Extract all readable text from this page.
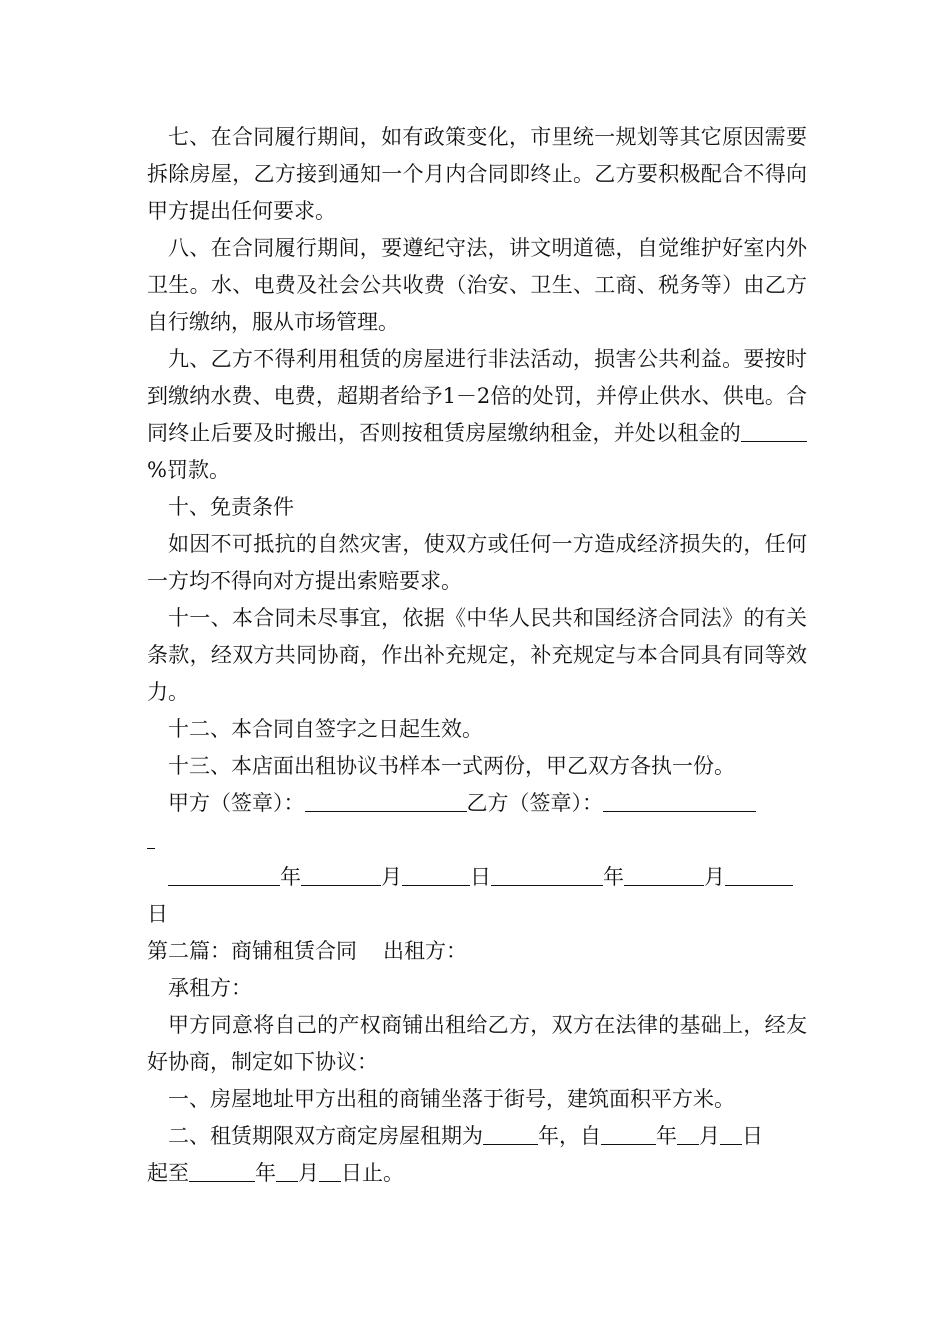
七、在合同履行期间，如有政策变化，市里统一规划等其它原因需要拆除房屋，乙方接到通知一个月内合同即终止。乙方要积极配合不得向甲方提出任何要求。

八、在合同履行期间，要遵纪守法，讲文明道德，自觉维护好室内外卫生。水、电费及社会公共收费（治安、卫生、工商、税务等）由乙方自行缴纳，服从市场管理。

九、乙方不得利用租赁的房屋进行非法活动，损害公共利益。要按时到缴纳水费、电费，超期者给予1－2倍的处罚，并停止供水、供电。合同终止后要及时搬出，否则按租赁房屋缴纳租金，并处以租金的%罚款。

十、免责条件

如因不可抵抗的自然灾害，使双方或任何一方造成经济损失的，任何一方均不得向对方提出索赔要求。

十一、本合同未尽事宜，依据《中华人民共和国经济合同法》的有关条款，经双方共同协商，作出补充规定，补充规定与本合同具有同等效力。

十二、本合同自签字之日起生效。

十三、本店面出租协议书样本一式两份，甲乙双方各执一份。

甲方（签章）：	乙方（签章）：
年	月	日	年	月
日

第二篇：商铺租赁合同 出租方：

承租方：

甲方同意将自己的产权商铺出租给乙方，双方在法律的基础上，经友好协商，制定如下协议：

一、房屋地址甲方出租的商铺坐落于街号，建筑面积平方米。

二、租赁期限双方商定房屋租期为	年，自	年 月 日
起至	年 月 日止。
